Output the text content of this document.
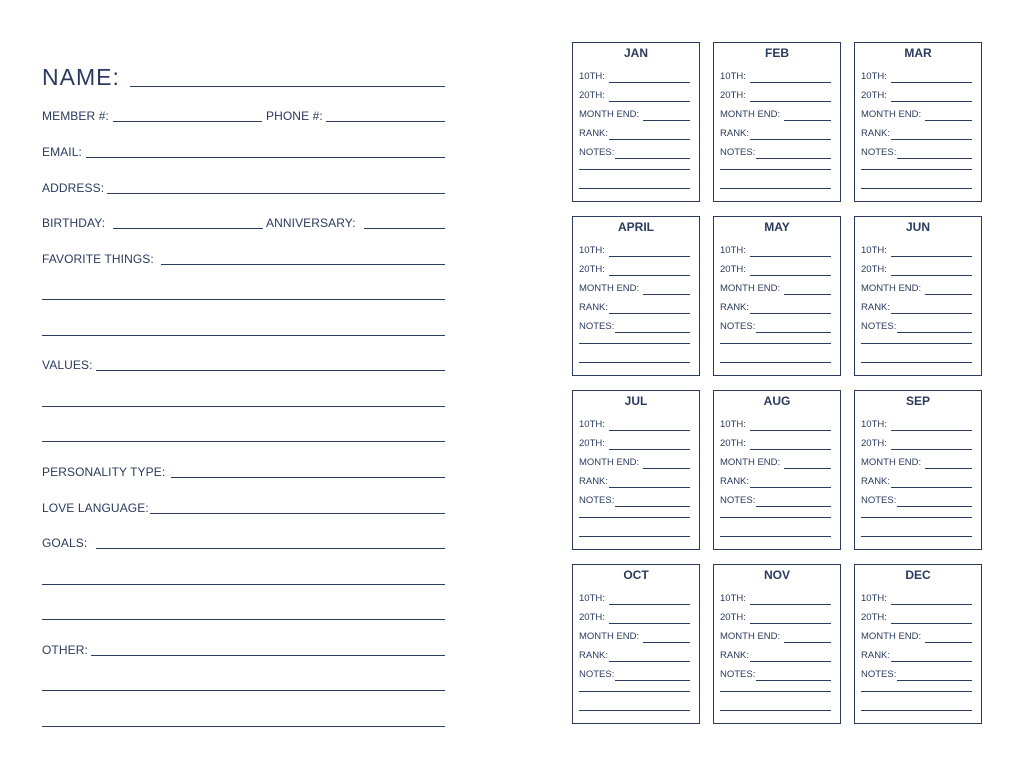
NAME:
MEMBER #:	PHONE #:
EMAIL:
ADDRESS:
BIRTHDAY:	ANNIVERSARY:
FAVORITE THINGS:
VALUES:
PERSONALITY TYPE:
LOVE LANGUAGE:
GOALS:
OTHER:
JAN
10TH:
20TH:
MONTH END:
RANK:
NOTES:
FEB
10TH:
20TH:
MONTH END:
RANK:
NOTES:
MAR
10TH:
20TH:
MONTH END:
RANK:
NOTES:
APRIL
10TH:
20TH:
MONTH END:
RANK:
NOTES:
MAY
10TH:
20TH:
MONTH END:
RANK:
NOTES:
JUN
10TH:
20TH:
MONTH END:
RANK:
NOTES:
JUL
10TH:
20TH:
MONTH END:
RANK:
NOTES:
AUG
10TH:
20TH:
MONTH END:
RANK:
NOTES:
SEP
10TH:
20TH:
MONTH END:
RANK:
NOTES:
OCT
10TH:
20TH:
MONTH END:
RANK:
NOTES:
NOV
10TH:
20TH:
MONTH END:
RANK:
NOTES:
DEC
10TH:
20TH:
MONTH END:
RANK:
NOTES:
